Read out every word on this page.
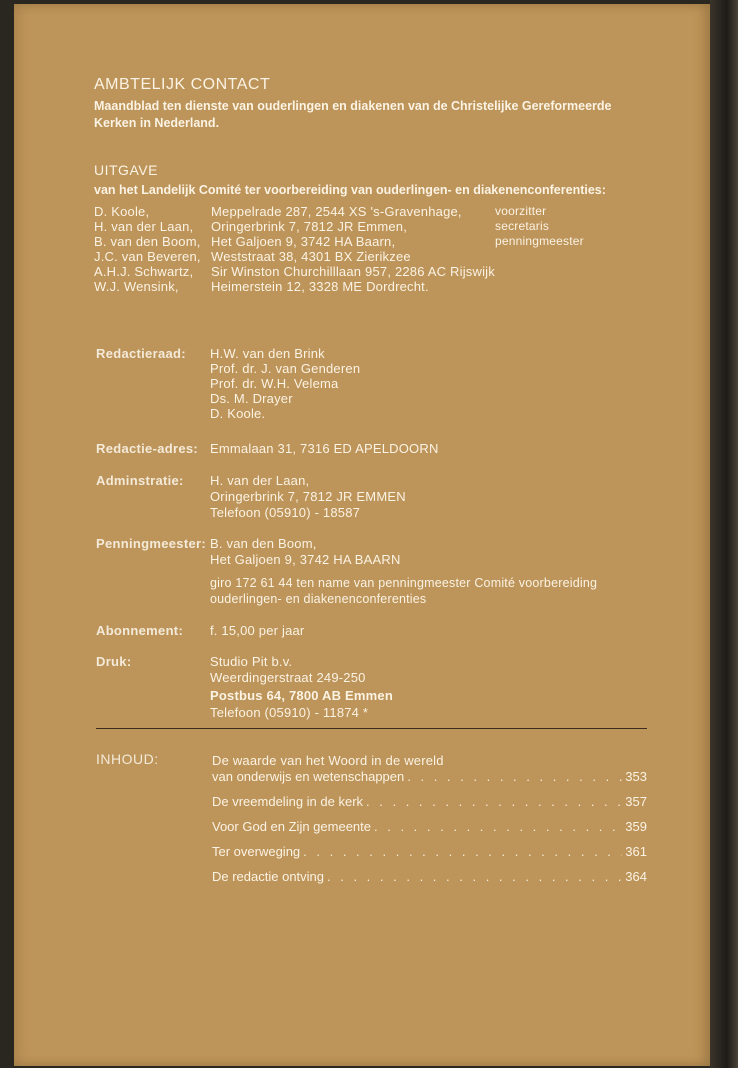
AMBTELIJK CONTACT
Maandblad ten dienste van ouderlingen en diakenen van de Christelijke Gereformeerde
Kerken in Nederland.
UITGAVE
van het Landelijk Comité ter voorbereiding van ouderlingen- en diakenenconferenties:
D. Koole,	Meppelrade 287, 2544 XS 's-Gravenhage,	voorzitter
H. van der Laan, Oringerbrink 7, 7812 JR Emmen,	secretaris
B. van den Boom, Het Galjoen 9, 3742 HA Baarn,	penningmeester
J.C. van Beveren, Weststraat 38, 4301 BX Zierikzee
A.H.J. Schwartz, Sir Winston Churchilllaan 957, 2286 AC Rijswijk
W.J. Wensink, Heimerstein 12, 3328 ME Dordrecht.
Redactieraad: H.W. van den Brink
Prof. dr. J. van Genderen
Prof. dr. W.H. Velema
Ds. M. Drayer
D. Koole.
Redactie-adres: Emmalaan 31, 7316 ED APELDOORN
Adminstratie: H. van der Laan,
Oringerbrink 7, 7812 JR EMMEN
Telefoon (05910) - 18587
Penningmeester: B. van den Boom,
Het Galjoen 9, 3742 HA BAARN
giro 172 61 44 ten name van penningmeester Comité voorbereiding
ouderlingen- en diakenenconferenties
Abonnement: f. 15,00 per jaar
Druk:	Studio Pit b.v.
Weerdingerstraat 249-250
Postbus 64, 7800 AB Emmen
Telefoon (05910) - 11874 *
INHOUD:	De waarde van het Woord in de wereld
van onderwijs en wetenschappen . . .	353
De vreemdeling in de kerk . . .	357
Voor God en Zijn gemeente . . .	359
Ter overweging . . .	361
De redactie ontving . . .	364
